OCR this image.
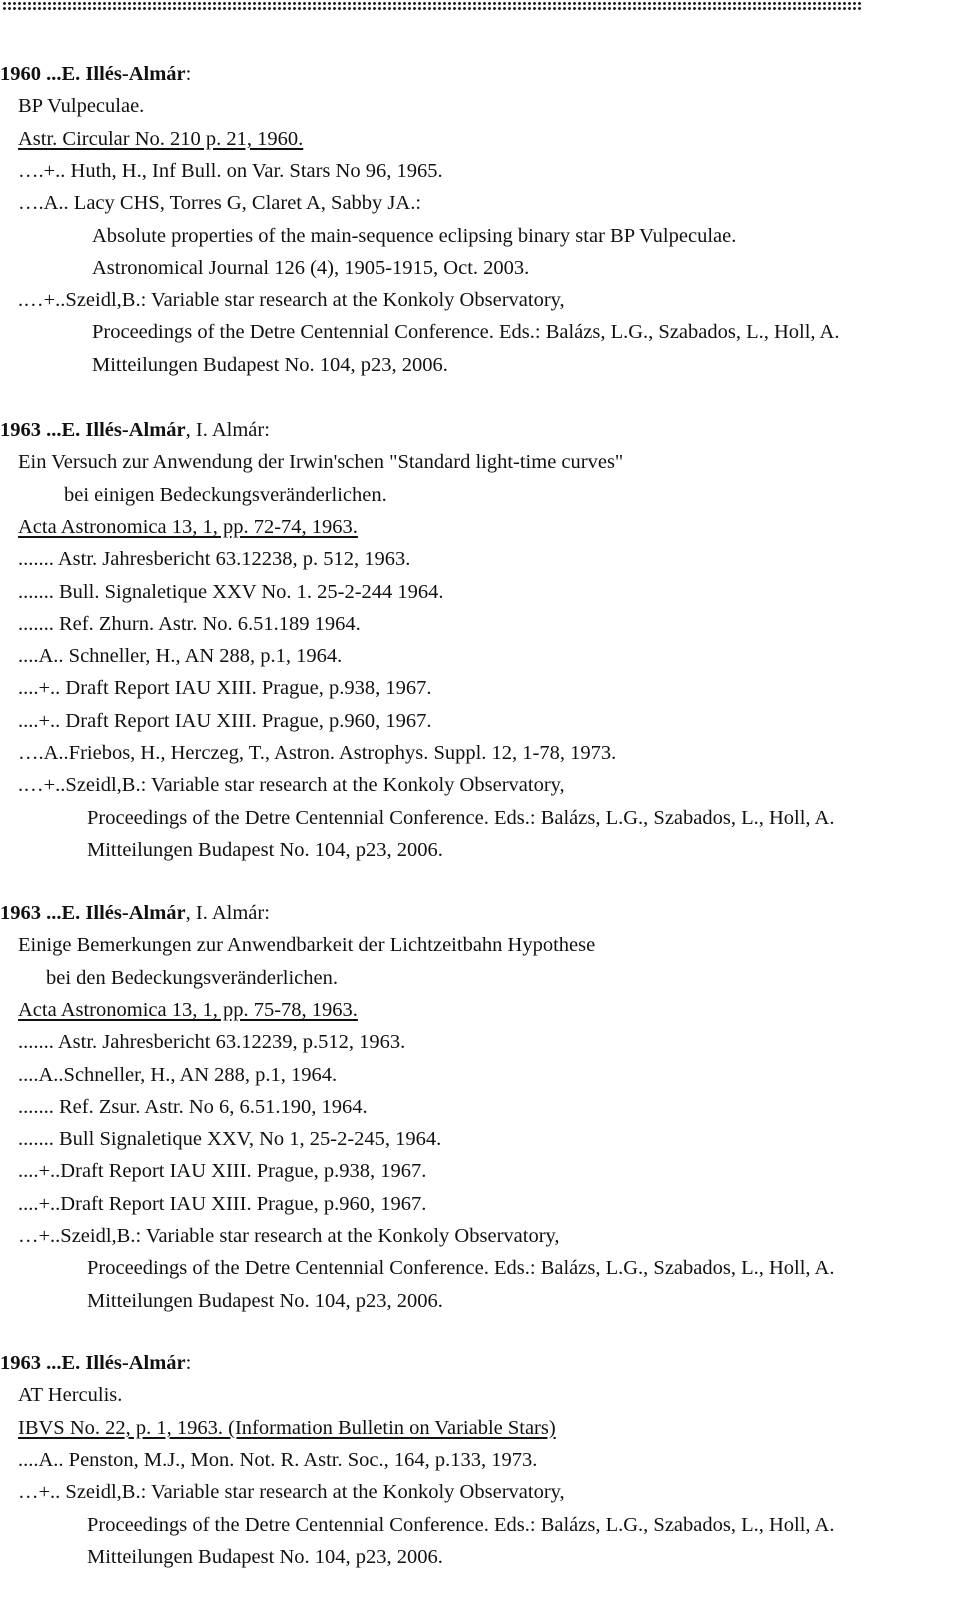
1960 ...E. Illés-Almár:
BP Vulpeculae.
Astr. Circular No. 210 p. 21, 1960.
….+.. Huth, H., Inf Bull. on Var. Stars No 96, 1965.
….A.. Lacy CHS, Torres G, Claret A, Sabby JA.:
Absolute properties of the main-sequence eclipsing binary star BP Vulpeculae.
Astronomical Journal 126 (4), 1905-1915, Oct. 2003.
.…+..Szeidl,B.: Variable star research at the Konkoly Observatory,
Proceedings of the Detre Centennial Conference. Eds.: Balázs, L.G., Szabados, L., Holl, A.
Mitteilungen Budapest No. 104, p23, 2006.
1963 ...E. Illés-Almár, I. Almár:
Ein Versuch zur Anwendung der Irwin'schen "Standard light-time curves"
bei einigen Bedeckungsveränderlichen.
Acta Astronomica 13, 1, pp. 72-74, 1963.
....... Astr. Jahresbericht 63.12238, p. 512, 1963.
....... Bull. Signaletique XXV No. 1. 25-2-244 1964.
....... Ref. Zhurn. Astr. No. 6.51.189 1964.
....A.. Schneller, H., AN 288, p.1, 1964.
....+.. Draft Report IAU XIII. Prague, p.938, 1967.
....+.. Draft Report IAU XIII. Prague, p.960, 1967.
….A..Friebos, H., Herczeg, T., Astron. Astrophys. Suppl. 12, 1-78, 1973.
.…+..Szeidl,B.: Variable star research at the Konkoly Observatory,
Proceedings of the Detre Centennial Conference. Eds.: Balázs, L.G., Szabados, L., Holl, A.
Mitteilungen Budapest No. 104, p23, 2006.
1963 ...E. Illés-Almár, I. Almár:
Einige Bemerkungen zur Anwendbarkeit der Lichtzeitbahn Hypothese
bei den Bedeckungsveränderlichen.
Acta Astronomica 13, 1, pp. 75-78, 1963.
....... Astr. Jahresbericht 63.12239, p.512, 1963.
....A..Schneller, H., AN 288, p.1, 1964.
....... Ref. Zsur. Astr. No 6, 6.51.190, 1964.
....... Bull Signaletique XXV, No 1, 25-2-245, 1964.
....+..Draft Report IAU XIII. Prague, p.938, 1967.
....+..Draft Report IAU XIII. Prague, p.960, 1967.
…+..Szeidl,B.: Variable star research at the Konkoly Observatory,
Proceedings of the Detre Centennial Conference. Eds.: Balázs, L.G., Szabados, L., Holl, A.
Mitteilungen Budapest No. 104, p23, 2006.
1963 ...E. Illés-Almár:
AT Herculis.
IBVS No. 22, p. 1, 1963. (Information Bulletin on Variable Stars)
....A.. Penston, M.J., Mon. Not. R. Astr. Soc., 164, p.133, 1973.
…+.. Szeidl,B.: Variable star research at the Konkoly Observatory,
Proceedings of the Detre Centennial Conference. Eds.: Balázs, L.G., Szabados, L., Holl, A.
Mitteilungen Budapest No. 104, p23, 2006.
